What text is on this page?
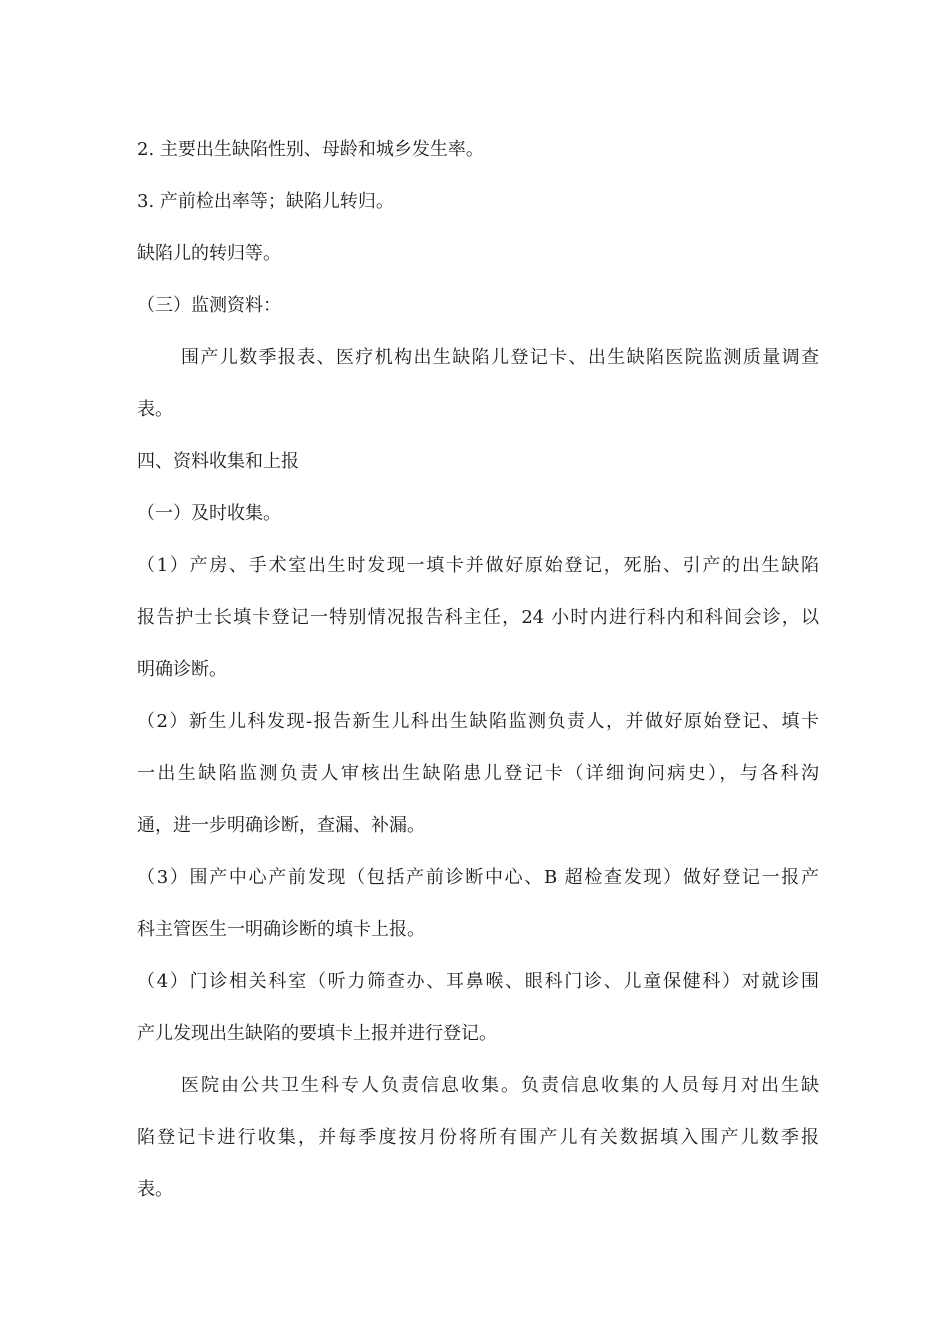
2. 主要出生缺陷性别、母龄和城乡发生率。

3. 产前检出率等；缺陷儿转归。

缺陷儿的转归等。

（三）监测资料：

围产儿数季报表、医疗机构出生缺陷儿登记卡、出生缺陷医院监测质量调查

表。

四、资料收集和上报

（一）及时收集。

（1）产房、手术室出生时发现一填卡并做好原始登记，死胎、引产的出生缺陷

报告护士长填卡登记一特别情况报告科主任，24 小时内进行科内和科间会诊，以

明确诊断。

（2）新生儿科发现-报告新生儿科出生缺陷监测负责人，并做好原始登记、填卡

一出生缺陷监测负责人审核出生缺陷患儿登记卡（详细询问病史），与各科沟

通，进一步明确诊断，查漏、补漏。

（3）围产中心产前发现（包括产前诊断中心、B 超检查发现）做好登记一报产

科主管医生一明确诊断的填卡上报。

（4）门诊相关科室（听力筛查办、耳鼻喉、眼科门诊、儿童保健科）对就诊围

产儿发现出生缺陷的要填卡上报并进行登记。

医院由公共卫生科专人负责信息收集。负责信息收集的人员每月对出生缺

陷登记卡进行收集，并每季度按月份将所有围产儿有关数据填入围产儿数季报

表。
